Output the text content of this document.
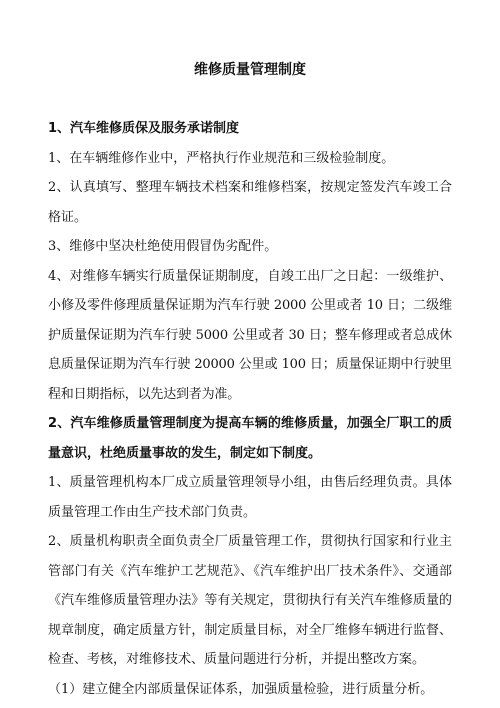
维修质量管理制度

1、汽车维修质保及服务承诺制度

1、在车辆维修作业中，严格执行作业规范和三级检验制度。

2、认真填写、整理车辆技术档案和维修档案，按规定签发汽车竣工合格证。

3、维修中坚决杜绝使用假冒伪劣配件。

4、对维修车辆实行质量保证期制度，自竣工出厂之日起：一级维护、小修及零件修理质量保证期为汽车行驶 2000 公里或者 10 日；二级维护质量保证期为汽车行驶 5000 公里或者 30 日；整车修理或者总成休息质量保证期为汽车行驶 20000 公里或 100 日；质量保证期中行驶里程和日期指标，以先达到者为准。

2、汽车维修质量管理制度为提高车辆的维修质量，加强全厂职工的质量意识，杜绝质量事故的发生，制定如下制度。

1、质量管理机构本厂成立质量管理领导小组，由售后经理负责。具体质量管理工作由生产技术部门负责。

2、质量机构职责全面负责全厂质量管理工作，贯彻执行国家和行业主管部门有关《汽车维护工艺规范》、《汽车维护出厂技术条件》、交通部《汽车维修质量管理办法》等有关规定，贯彻执行有关汽车维修质量的规章制度，确定质量方针，制定质量目标，对全厂维修车辆进行监督、检查、考核，对维修技术、质量问题进行分析，并提出整改方案。

（1）建立健全内部质量保证体系，加强质量检验，进行质量分析。
